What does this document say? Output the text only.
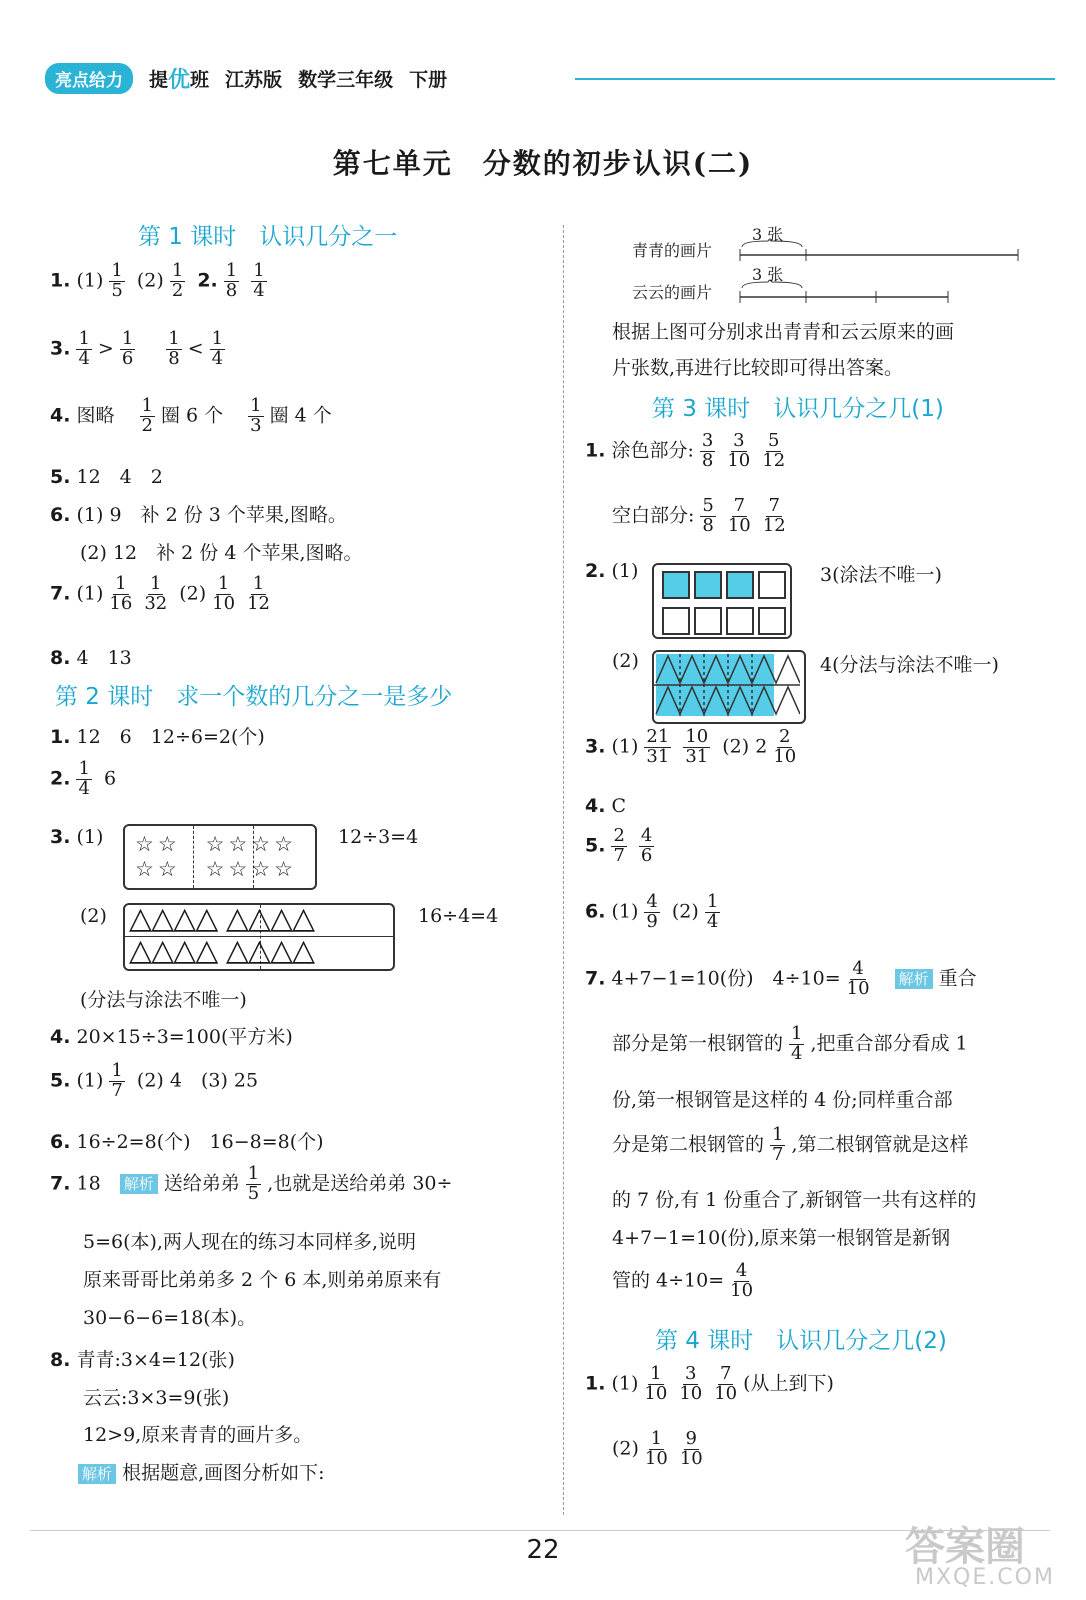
亮点给力	提 优 班 江苏版 数学三年级 下册
第七单元　分数的初步认识(二)
第 1 课时　认识几分之一
1. $(1) \frac{1}{5} (2) \frac{1}{2} 2$. $\frac{1}{8} \frac{1}{4}$
3. $\frac{1}{4} > \frac{1}{6}$
　 $\frac{1}{8} < \frac{1}{4}$
4. 图略　 $\frac{1}{2}$ 圈 6 个　 $\frac{1}{3}$ 圈 4 个
5. 12　4　2
6. (1) 9　补 2 份 3 个苹果,图略。
(2) 12　补 2 份 4 个苹果,图略。
7. $(1) \frac{1}{16} \frac{1}{32} (2) \frac{1}{10} \frac{1}{12}$
8. 4　13
第 2 课时　求一个数的几分之一是多少
1. 12　6　12÷6=2(个)
2. $\frac{1}{4} 6$
3. (1) ☆☆　☆☆☆☆
☆☆　☆☆☆☆
12÷3=4
(2) △△△△ △△△△
△△△△ △△△△
16÷4=4
(分法与涂法不唯一)
4. 20×15÷3=100(平方米)
5. $(1) \frac{1}{7} (2)$ 4　(3) 25
6. 16÷2=8(个)　16−8=8(个)
7. 18　 解析 送给弟弟 $\frac{1}{5}$ ,也就是送给弟弟 30÷
5=6(本),两人现在的练习本同样多,说明
原来哥哥比弟弟多 2 个 6 本,则弟弟原来有
30−6−6=18(本)。
8. 青青:3×4=12(张)
云云:3×3=9(张)
12>9,原来青青的画片多。
解析 根据题意,画图分析如下:
青青的画片
3 张
3 张
云云的画片
根据上图可分别求出青青和云云原来的画
片张数,再进行比较即可得出答案。
第 3 课时　认识几分之几(1)
1. 涂色部分: $\frac{3}{8} \frac{3}{10} \frac{5}{12}$
空白部分: $\frac{5}{8} \frac{7}{10} \frac{7}{12}$
2. (1)	3(涂法不唯一)
(2)	4(分法与涂法不唯一)
3. $(1) \frac{21}{31} \frac{10}{31} (2)$ $2 \frac{2}{10}$
4. C
5. $\frac{2}{7} \frac{4}{6}$
6. $(1) \frac{4}{9} (2) \frac{1}{4}$
7. 4+7−1=10(份)　$4\div 10= \frac{4}{10}$
　 解析 重合
部分是第一根钢管的 $\frac{1}{4}$ ,把重合部分看成 1
份,第一根钢管是这样的 4 份;同样重合部
分是第二根钢管的 $\frac{1}{7}$ ,第二根钢管就是这样
的 7 份,有 1 份重合了,新钢管一共有这样的
4+7−1=10(份),原来第一根钢管是新钢
管的 $4\div 10= \frac{4}{10}$
第 4 课时　认识几分之几(2)
1. $(1) \frac{1}{10} \frac{3}{10} \frac{7}{10}$ (从上到下)
$(2) \frac{1}{10} \frac{9}{10}$
22	答案圈
MXQE.COM
